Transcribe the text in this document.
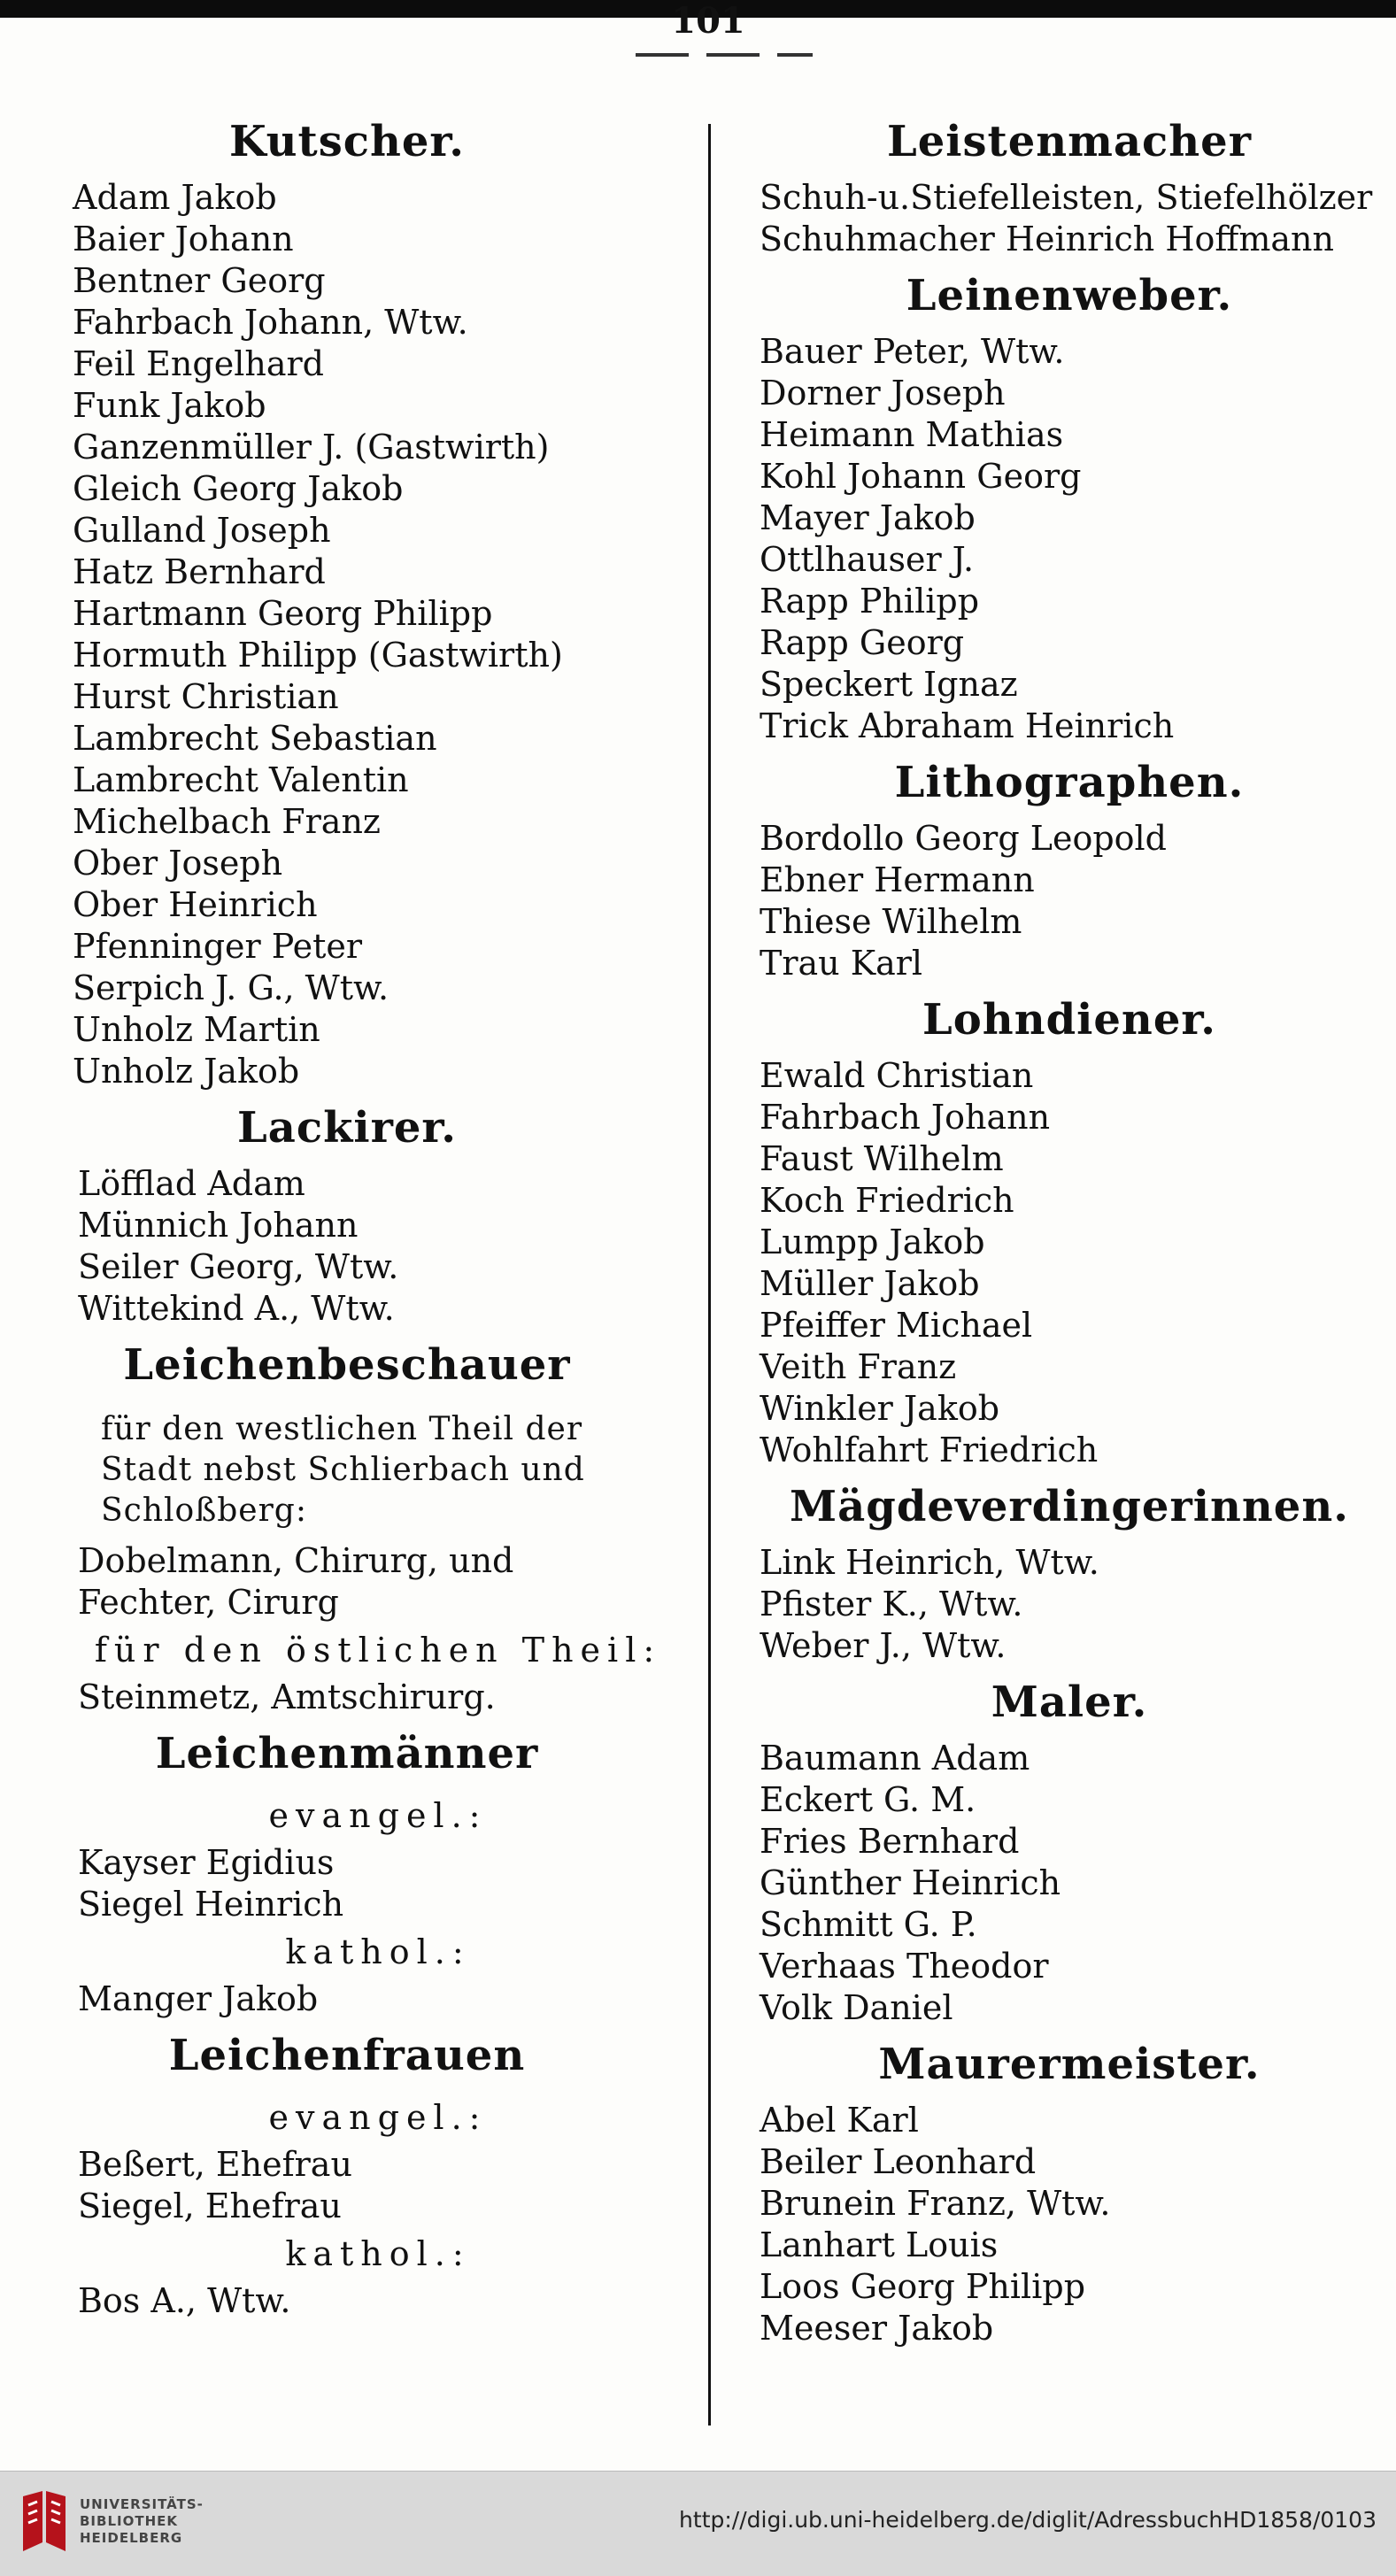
101
Kutscher.

Adam Jakob

Baier Johann

Bentner Georg

Fahrbach Johann, Wtw.

Feil Engelhard

Funk Jakob

Ganzenmüller J. (Gastwirth)

Gleich Georg Jakob

Gulland Joseph

Hatz Bernhard

Hartmann Georg Philipp

Hormuth Philipp (Gastwirth)

Hurst Christian

Lambrecht Sebastian

Lambrecht Valentin

Michelbach Franz

Ober Joseph

Ober Heinrich

Pfenninger Peter

Serpich J. G., Wtw.

Unholz Martin

Unholz Jakob

Lackirer.

Löfflad Adam

Münnich Johann

Seiler Georg, Wtw.

Wittekind A., Wtw.

Leichenbeschauer

für den westlichen Theil der Stadt nebst Schlierbach und Schloßberg:

Dobelmann, Chirurg, und

Fechter, Cirurg

für den östlichen Theil:

Steinmetz, Amtschirurg.

Leichenmänner

evangel.:

Kayser Egidius

Siegel Heinrich

kathol.:

Manger Jakob

Leichenfrauen

evangel.:

Beßert, Ehefrau

Siegel, Ehefrau

kathol.:

Bos A., Wtw.

Leistenmacher

Schuh-u.Stiefelleisten, Stiefelhölzer

Schuhmacher Heinrich Hoffmann

Leinenweber.

Bauer Peter, Wtw.

Dorner Joseph

Heimann Mathias

Kohl Johann Georg

Mayer Jakob

Ottlhauser J.

Rapp Philipp

Rapp Georg

Speckert Ignaz

Trick Abraham Heinrich

Lithographen.

Bordollo Georg Leopold

Ebner Hermann

Thiese Wilhelm

Trau Karl

Lohndiener.

Ewald Christian

Fahrbach Johann

Faust Wilhelm

Koch Friedrich

Lumpp Jakob

Müller Jakob

Pfeiffer Michael

Veith Franz

Winkler Jakob

Wohlfahrt Friedrich

Mägdeverdingerinnen.

Link Heinrich, Wtw.

Pfister K., Wtw.

Weber J., Wtw.

Maler.

Baumann Adam

Eckert G. M.

Fries Bernhard

Günther Heinrich

Schmitt G. P.

Verhaas Theodor

Volk Daniel

Maurermeister.

Abel Karl

Beiler Leonhard

Brunein Franz, Wtw.

Lanhart Louis

Loos Georg Philipp

Meeser Jakob

UNIVERSITÄTS-
BIBLIOTHEK
HEIDELBERG
http://digi.ub.uni-heidelberg.de/diglit/AdressbuchHD1858/0103
